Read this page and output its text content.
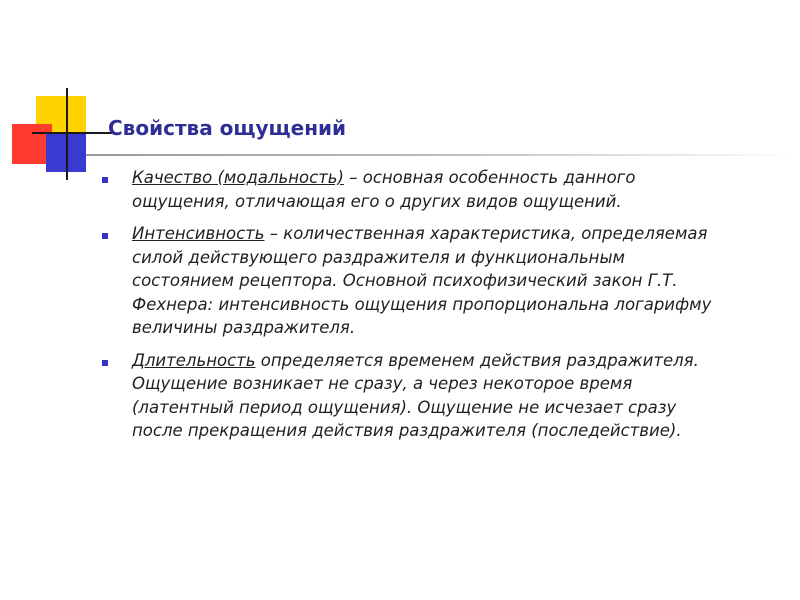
Свойства ощущений
Качество (модальность) – основная особенность данного ощущения, отличающая его о других видов ощущений.
Интенсивность – количественная характеристика, определяемая силой действующего раздражителя и функциональным состоянием рецептора. Основной психофизический закон Г.Т. Фехнера: интенсивность ощущения пропорциональна логарифму величины раздражителя.
Длительность определяется временем действия раздражителя. Ощущение возникает не сразу, а через некоторое время (латентный период ощущения). Ощущение не исчезает сразу после прекращения действия раздражителя (последействие).
